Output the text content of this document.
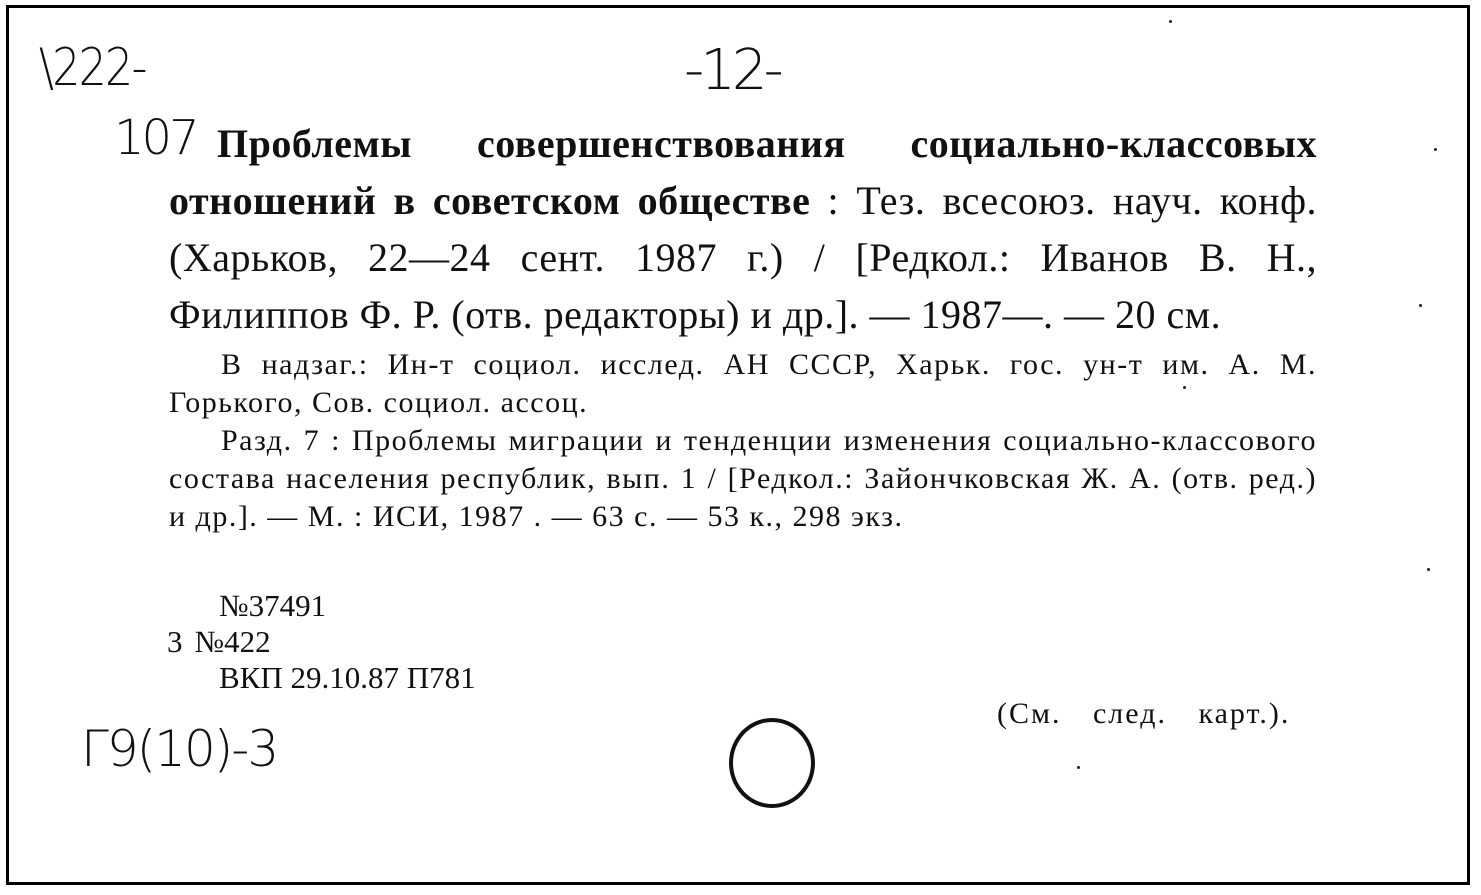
\222-	-12-
107 Проблемы совершенствования социально-классовых отношений в советском обществе : Тез. всесоюз. науч. конф. (Харьков, 22—24 сент. 1987 г.) / [Редкол.: Иванов В. Н., Филиппов Ф. Р. (отв. редакторы) и др.]. — 1987—. — 20 см.
В надзаг.: Ин-т социол. исслед. АН СССР, Харьк. гос. ун-т им. А. М. Горького, Сов. социол. ассоц.
Разд. 7 : Проблемы миграции и тенденции изменения социально-классового состава населения республик, вып. 1 / [Редкол.: Зайончковская Ж. А. (отв. ред.) и др.]. — М. : ИСИ, 1987 . — 63 с. — 53 к., 298 экз.
№37491
3 №422
ВКП 29.10.87 П781
(См. след. карт.).
Г9(10)-3
